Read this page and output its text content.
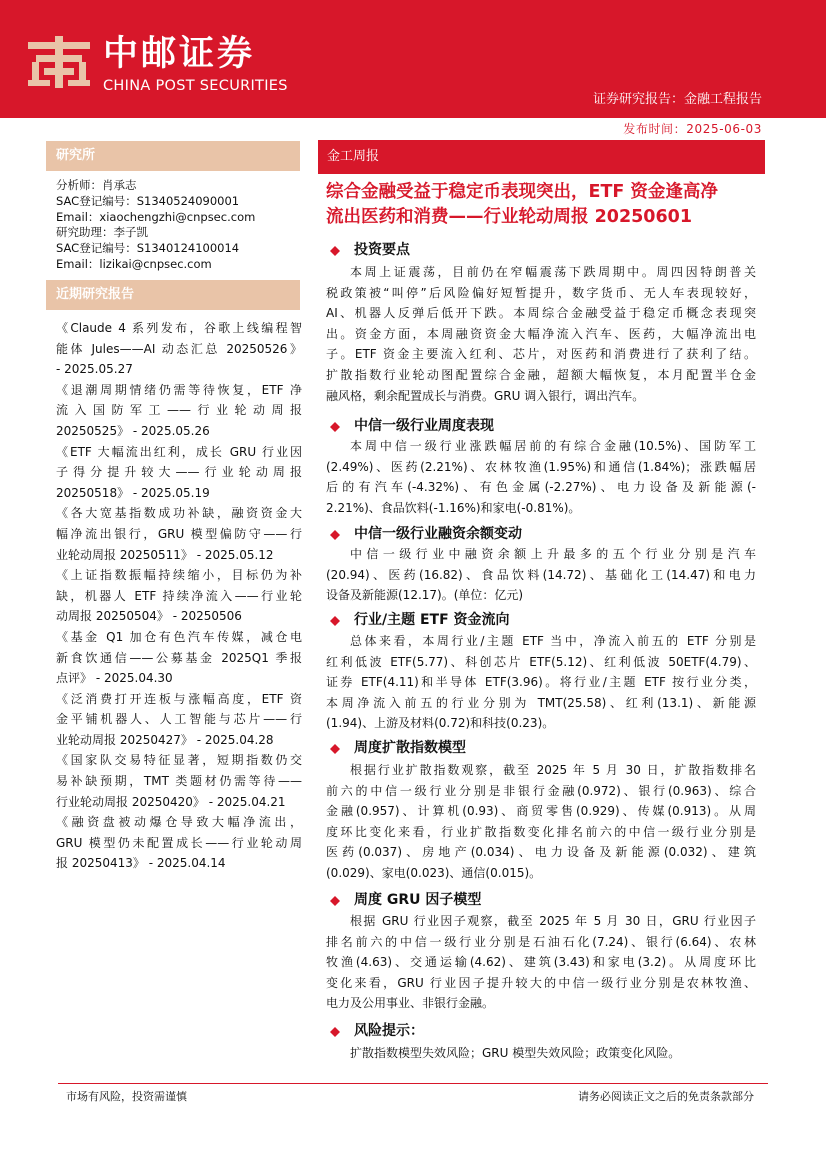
中邮证券
CHINA POST SECURITIES
证券研究报告：金融工程报告
发布时间：2025-06-03
研究所
分析师：肖承志
SAC登记编号：S1340524090001
Email：xiaochengzhi@cnpsec.com
研究助理：李子凯
SAC登记编号：S1340124100014
Email：lizikai@cnpsec.com
近期研究报告
《Claude 4 系列发布，谷歌上线编程智
能体 Jules——AI 动态汇总 20250526》
- 2025.05.27
《退潮周期情绪仍需等待恢复，ETF 净
流入国防军工——行业轮动周报
20250525》 - 2025.05.26
《ETF 大幅流出红利，成长 GRU 行业因
子得分提升较大——行业轮动周报
20250518》 - 2025.05.19
《各大宽基指数成功补缺，融资资金大
幅净流出银行，GRU 模型偏防守——行
业轮动周报 20250511》 - 2025.05.12
《上证指数振幅持续缩小，目标仍为补
缺，机器人 ETF 持续净流入——行业轮
动周报 20250504》 - 20250506
《基金 Q1 加仓有色汽车传媒，减仓电
新食饮通信——公募基金 2025Q1 季报
点评》 - 2025.04.30
《泛消费打开连板与涨幅高度，ETF 资
金平铺机器人、人工智能与芯片——行
业轮动周报 20250427》 - 2025.04.28
《国家队交易特征显著，短期指数仍交
易补缺预期，TMT 类题材仍需等待——
行业轮动周报 20250420》 - 2025.04.21
《融资盘被动爆仓导致大幅净流出，
GRU 模型仍未配置成长——行业轮动周
报 20250413》 - 2025.04.14
金工周报
综合金融受益于稳定币表现突出，ETF 资金逢高净
流出医药和消费——行业轮动周报 20250601
投资要点
本周上证震荡，目前仍在窄幅震荡下跌周期中。周四因特朗普关
税政策被“叫停”后风险偏好短暂提升，数字货币、无人车表现较好，
AI、机器人反弹后低开下跌。本周综合金融受益于稳定币概念表现突
出。资金方面，本周融资资金大幅净流入汽车、医药，大幅净流出电
子。ETF 资金主要流入红利、芯片，对医药和消费进行了获利了结。
扩散指数行业轮动图配置综合金融，超额大幅恢复，本月配置半仓金
融风格，剩余配置成长与消费。GRU 调入银行，调出汽车。
中信一级行业周度表现
本周中信一级行业涨跌幅居前的有综合金融(10.5%)、国防军工
(2.49%)、医药(2.21%)、农林牧渔(1.95%)和通信(1.84%)；涨跌幅居
后的有汽车(-4.32%)、有色金属(-2.27%)、电力设备及新能源(-
2.21%)、食品饮料(-1.16%)和家电(-0.81%)。
中信一级行业融资余额变动
中信一级行业中融资余额上升最多的五个行业分别是汽车
(20.94)、医药(16.82)、食品饮料(14.72)、基础化工(14.47)和电力
设备及新能源(12.17)。(单位：亿元)
行业/主题 ETF 资金流向
总体来看，本周行业/主题 ETF 当中，净流入前五的 ETF 分别是
红利低波 ETF(5.77)、科创芯片 ETF(5.12)、红利低波 50ETF(4.79)、
证券 ETF(4.11)和半导体 ETF(3.96)。将行业/主题 ETF 按行业分类，
本周净流入前五的行业分别为 TMT(25.58)、红利(13.1)、新能源
(1.94)、上游及材料(0.72)和科技(0.23)。
周度扩散指数模型
根据行业扩散指数观察，截至 2025 年 5 月 30 日，扩散指数排名
前六的中信一级行业分别是非银行金融(0.972)、银行(0.963)、综合
金融(0.957)、计算机(0.93)、商贸零售(0.929)、传媒(0.913)。从周
度环比变化来看，行业扩散指数变化排名前六的中信一级行业分别是
医药(0.037)、房地产(0.034)、电力设备及新能源(0.032)、建筑
(0.029)、家电(0.023)、通信(0.015)。
周度 GRU 因子模型
根据 GRU 行业因子观察，截至 2025 年 5 月 30 日，GRU 行业因子
排名前六的中信一级行业分别是石油石化(7.24)、银行(6.64)、农林
牧渔(4.63)、交通运输(4.62)、建筑(3.43)和家电(3.2)。从周度环比
变化来看，GRU 行业因子提升较大的中信一级行业分别是农林牧渔、
电力及公用事业、非银行金融。
风险提示：
扩散指数模型失效风险；GRU 模型失效风险；政策变化风险。
市场有风险，投资需谨慎	请务必阅读正文之后的免责条款部分
